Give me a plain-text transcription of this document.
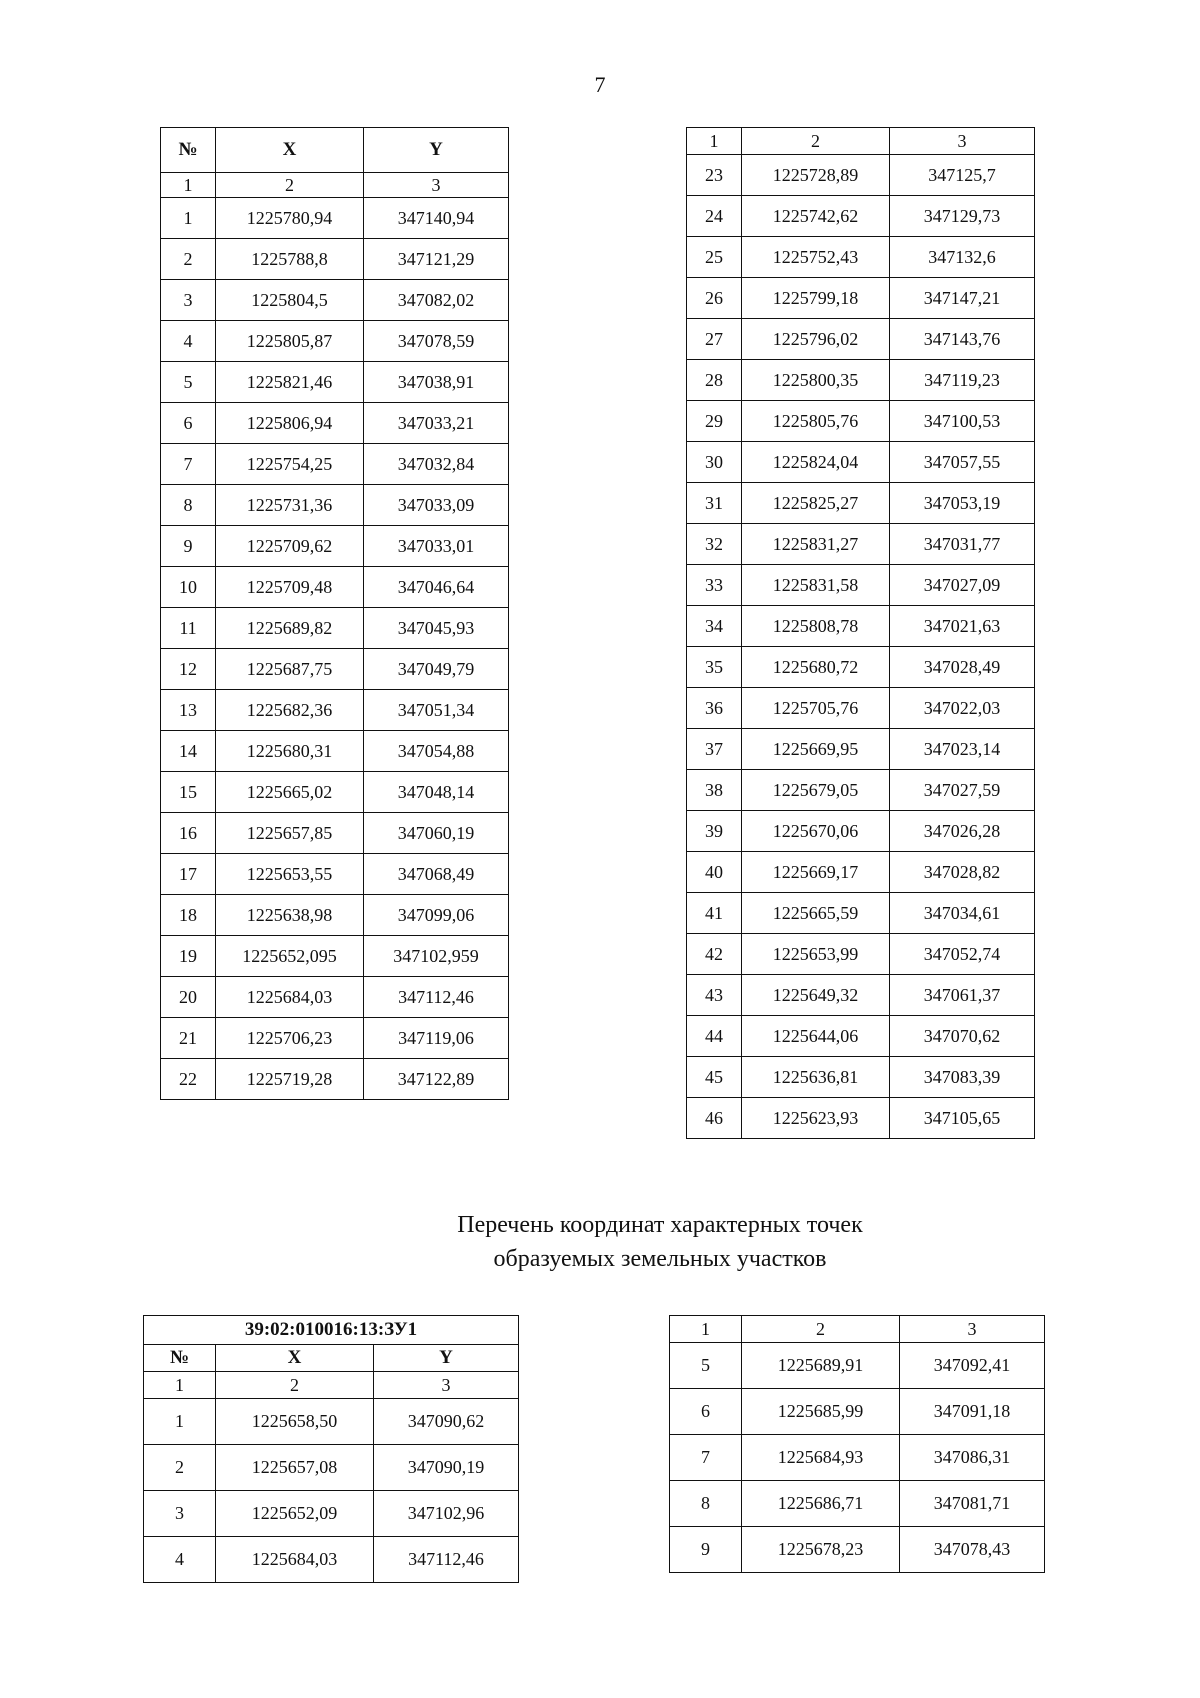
7
№	X	Y
1	2	3
1	1225780,94	347140,94
2	1225788,8	347121,29
3	1225804,5	347082,02
4	1225805,87	347078,59
5	1225821,46	347038,91
6	1225806,94	347033,21
7	1225754,25	347032,84
8	1225731,36	347033,09
9	1225709,62	347033,01
10	1225709,48	347046,64
11	1225689,82	347045,93
12	1225687,75	347049,79
13	1225682,36	347051,34
14	1225680,31	347054,88
15	1225665,02	347048,14
16	1225657,85	347060,19
17	1225653,55	347068,49
18	1225638,98	347099,06
19	1225652,095	347102,959
20	1225684,03	347112,46
21	1225706,23	347119,06
22	1225719,28	347122,89
1	2	3
23	1225728,89	347125,7
24	1225742,62	347129,73
25	1225752,43	347132,6
26	1225799,18	347147,21
27	1225796,02	347143,76
28	1225800,35	347119,23
29	1225805,76	347100,53
30	1225824,04	347057,55
31	1225825,27	347053,19
32	1225831,27	347031,77
33	1225831,58	347027,09
34	1225808,78	347021,63
35	1225680,72	347028,49
36	1225705,76	347022,03
37	1225669,95	347023,14
38	1225679,05	347027,59
39	1225670,06	347026,28
40	1225669,17	347028,82
41	1225665,59	347034,61
42	1225653,99	347052,74
43	1225649,32	347061,37
44	1225644,06	347070,62
45	1225636,81	347083,39
46	1225623,93	347105,65
Перечень координат характерных точек
образуемых земельных участков
39:02:010016:13:ЗУ1		
№	X	Y
1	2	3
1	1225658,50	347090,62
2	1225657,08	347090,19
3	1225652,09	347102,96
4	1225684,03	347112,46
1	2	3
5	1225689,91	347092,41
6	1225685,99	347091,18
7	1225684,93	347086,31
8	1225686,71	347081,71
9	1225678,23	347078,43
